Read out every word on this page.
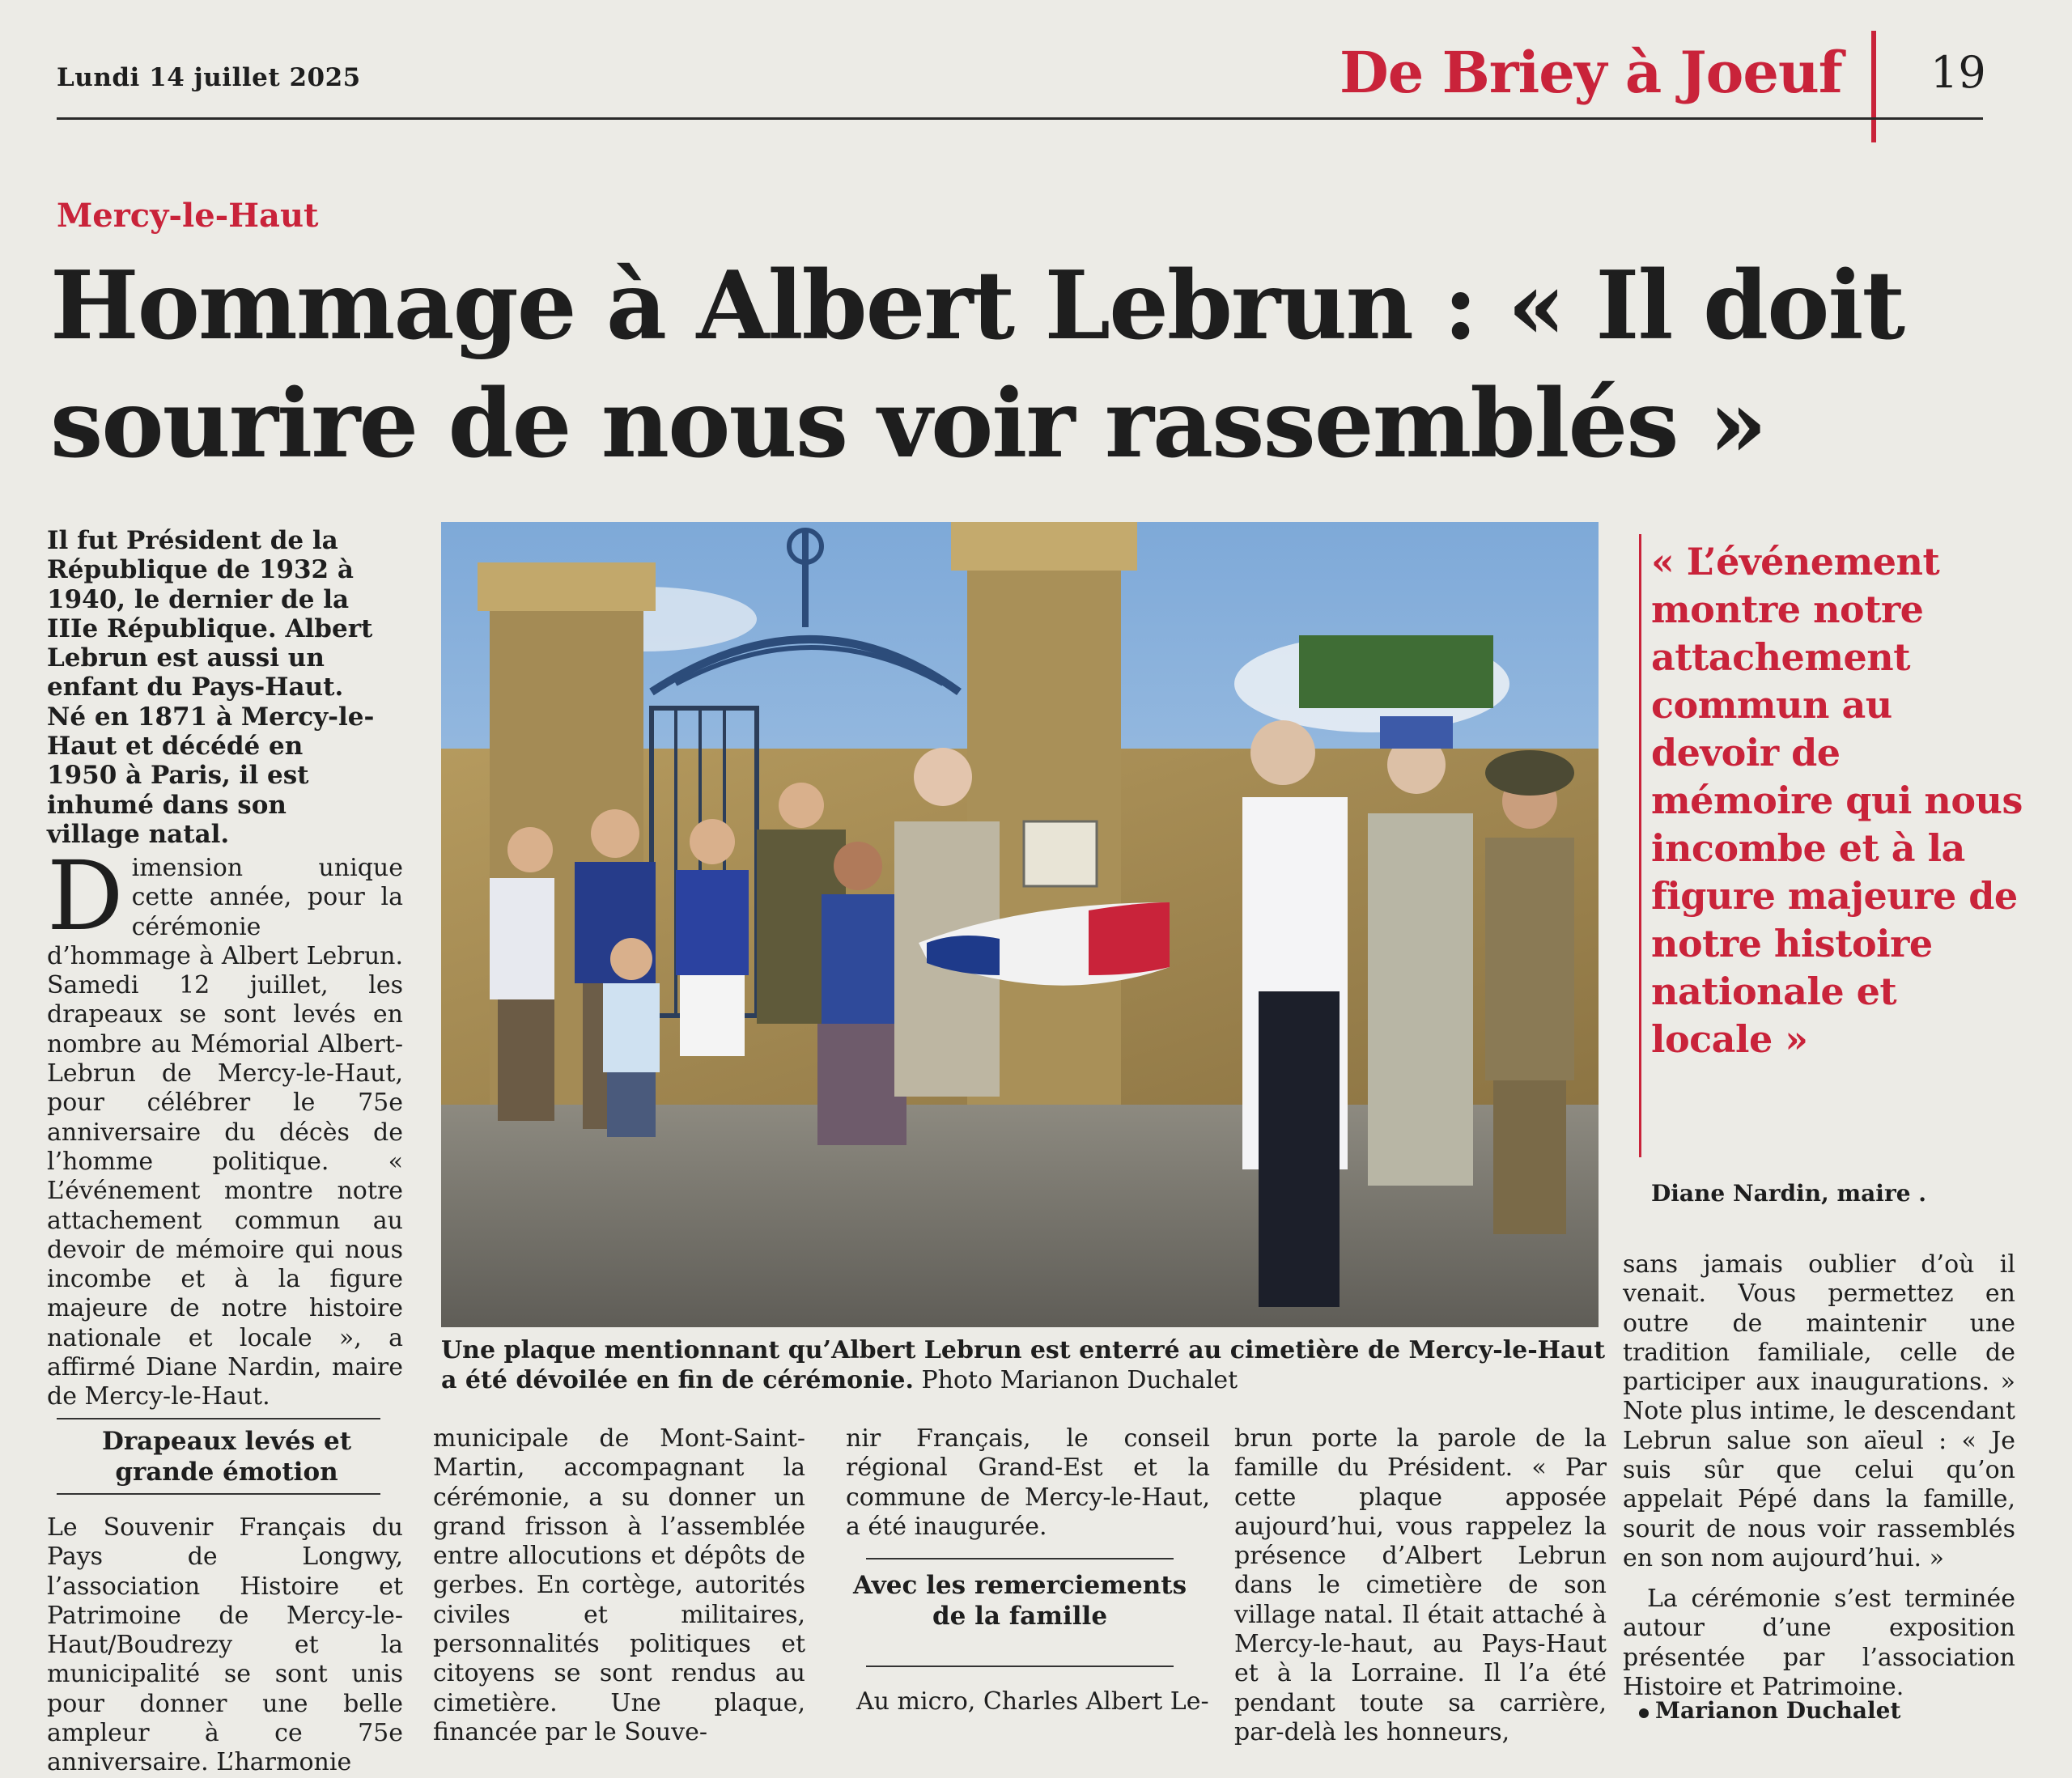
Lundi 14 juillet 2025	De Briey à Joeuf 19
Mercy-le-Haut
Hommage à Albert Lebrun : « Il doit sourire de nous voir rassemblés »

Il fut Président de la République de 1932 à 1940, le dernier de la IIIe République. Albert Lebrun est aussi un enfant du Pays-Haut. Né en 1871 à Mercy-le-Haut et décédé en 1950 à Paris, il est inhumé dans son village natal.

Dimension unique cette année, pour la cérémonie d’hommage à Albert Lebrun. Samedi 12 juillet, les drapeaux se sont levés en nombre au Mémorial Albert-Lebrun de Mercy-le-Haut, pour célébrer le 75e anniversaire du décès de l’homme politique. « L’événement montre notre attachement commun au devoir de mémoire qui nous incombe et à la figure majeure de notre histoire nationale et locale », a affirmé Diane Nardin, maire de Mercy-le-Haut.

Drapeaux levés et grande émotion

Le Souvenir Français du Pays de Longwy, l’association Histoire et Patrimoine de Mercy-le-Haut/Boudrezy et la municipalité se sont unis pour donner une belle ampleur à ce 75e anniversaire. L’harmonie

Une plaque mentionnant qu’Albert Lebrun est enterré au cimetière de Mercy-le-Haut a été dévoilée en fin de cérémonie. Photo Marianon Duchalet

municipale de Mont-Saint-Martin, accompagnant la cérémonie, a su donner un grand frisson à l’assemblée entre allocutions et dépôts de gerbes. En cortège, autorités civiles et militaires, personnalités politiques et citoyens se sont rendus au cimetière. Une plaque, financée par le Souve-

nir Français, le conseil régional Grand-Est et la commune de Mercy-le-Haut, a été inaugurée.

Avec les remerciements de la famille

Au micro, Charles Albert Le-

brun porte la parole de la famille du Président. « Par cette plaque apposée aujourd’hui, vous rappelez la présence d’Albert Lebrun dans le cimetière de son village natal. Il était attaché à Mercy-le-haut, au Pays-Haut et à la Lorraine. Il l’a été pendant toute sa carrière, par-delà les honneurs,

« L’événement montre notre attachement commun au devoir de mémoire qui nous incombe et à la figure majeure de notre histoire nationale et locale »

Diane Nardin, maire .

sans jamais oublier d’où il venait. Vous permettez en outre de maintenir une tradition familiale, celle de participer aux inaugurations. » Note plus intime, le descendant Lebrun salue son aïeul : « Je suis sûr que celui qu’on appelait Pépé dans la famille, sourit de nous voir rassemblés en son nom aujourd’hui. »

La cérémonie s’est terminée autour d’une exposition présentée par l’association Histoire et Patrimoine.

Marianon Duchalet
